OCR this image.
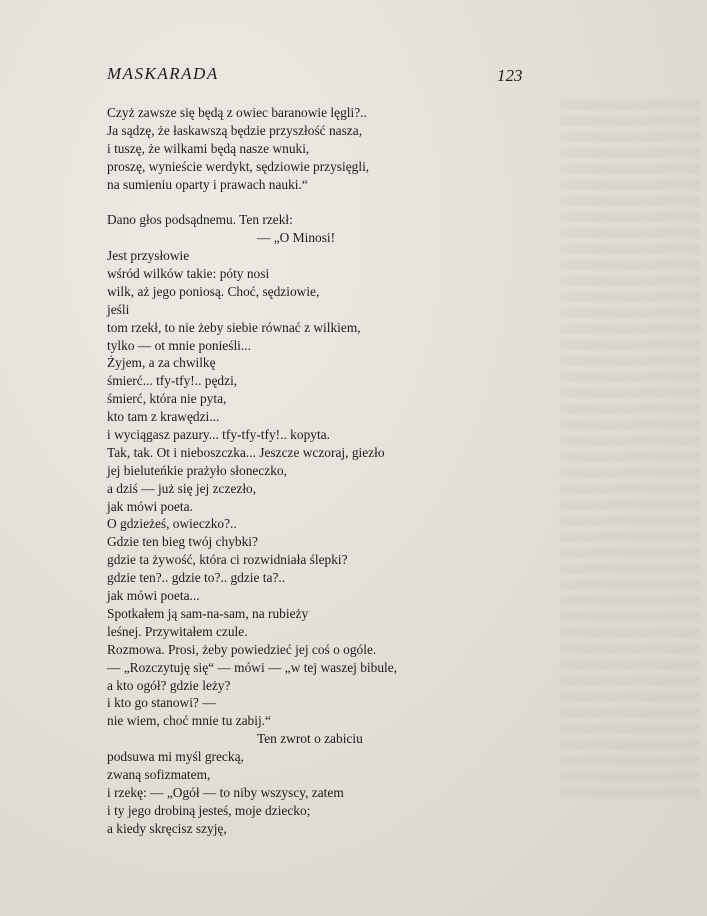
MASKARADA	123
Czyż zawsze się będą z owiec baranowie lęgli?..
Ja sądzę, że łaskawszą będzie przyszłość nasza,
i tuszę, że wilkami będą nasze wnuki,
proszę, wynieście werdykt, sędziowie przysięgli,
na sumieniu oparty i prawach nauki.“
Dano głos podsądnemu. Ten rzekł:
— „O Minosi!
Jest przysłowie
wśród wilków takie: póty nosi
wilk, aż jego poniosą. Choć, sędziowie,
jeśli
tom rzekł, to nie żeby siebie równać z wilkiem,
tylko — ot mnie ponieśli...
Żyjem, a za chwilkę
śmierć... tfy-tfy!.. pędzi,
śmierć, która nie pyta,
kto tam z krawędzi...
i wyciągasz pazury... tfy-tfy-tfy!.. kopyta.
Tak, tak. Ot i nieboszczka... Jeszcze wczoraj, giezło
jej bieluteńkie prażyło słoneczko,
a dziś — już się jej zczezło,
jak mówi poeta.
O gdzieżeś, owieczko?..
Gdzie ten bieg twój chybki?
gdzie ta żywość, która ci rozwidniała ślepki?
gdzie ten?.. gdzie to?.. gdzie ta?..
jak mówi poeta...
Spotkałem ją sam-na-sam, na rubieży
leśnej. Przywitałem czule.
Rozmowa. Prosi, żeby powiedzieć jej coś o ogóle.
— „Rozczytuję się“ — mówi — „w tej waszej bibule,
a kto ogół? gdzie leży?
i kto go stanowi? —
nie wiem, choć mnie tu zabij.“
Ten zwrot o zabiciu
podsuwa mi myśl grecką,
zwaną sofizmatem,
i rzekę: — „Ogół — to niby wszyscy, zatem
i ty jego drobiną jesteś, moje dziecko;
a kiedy skręcisz szyję,
